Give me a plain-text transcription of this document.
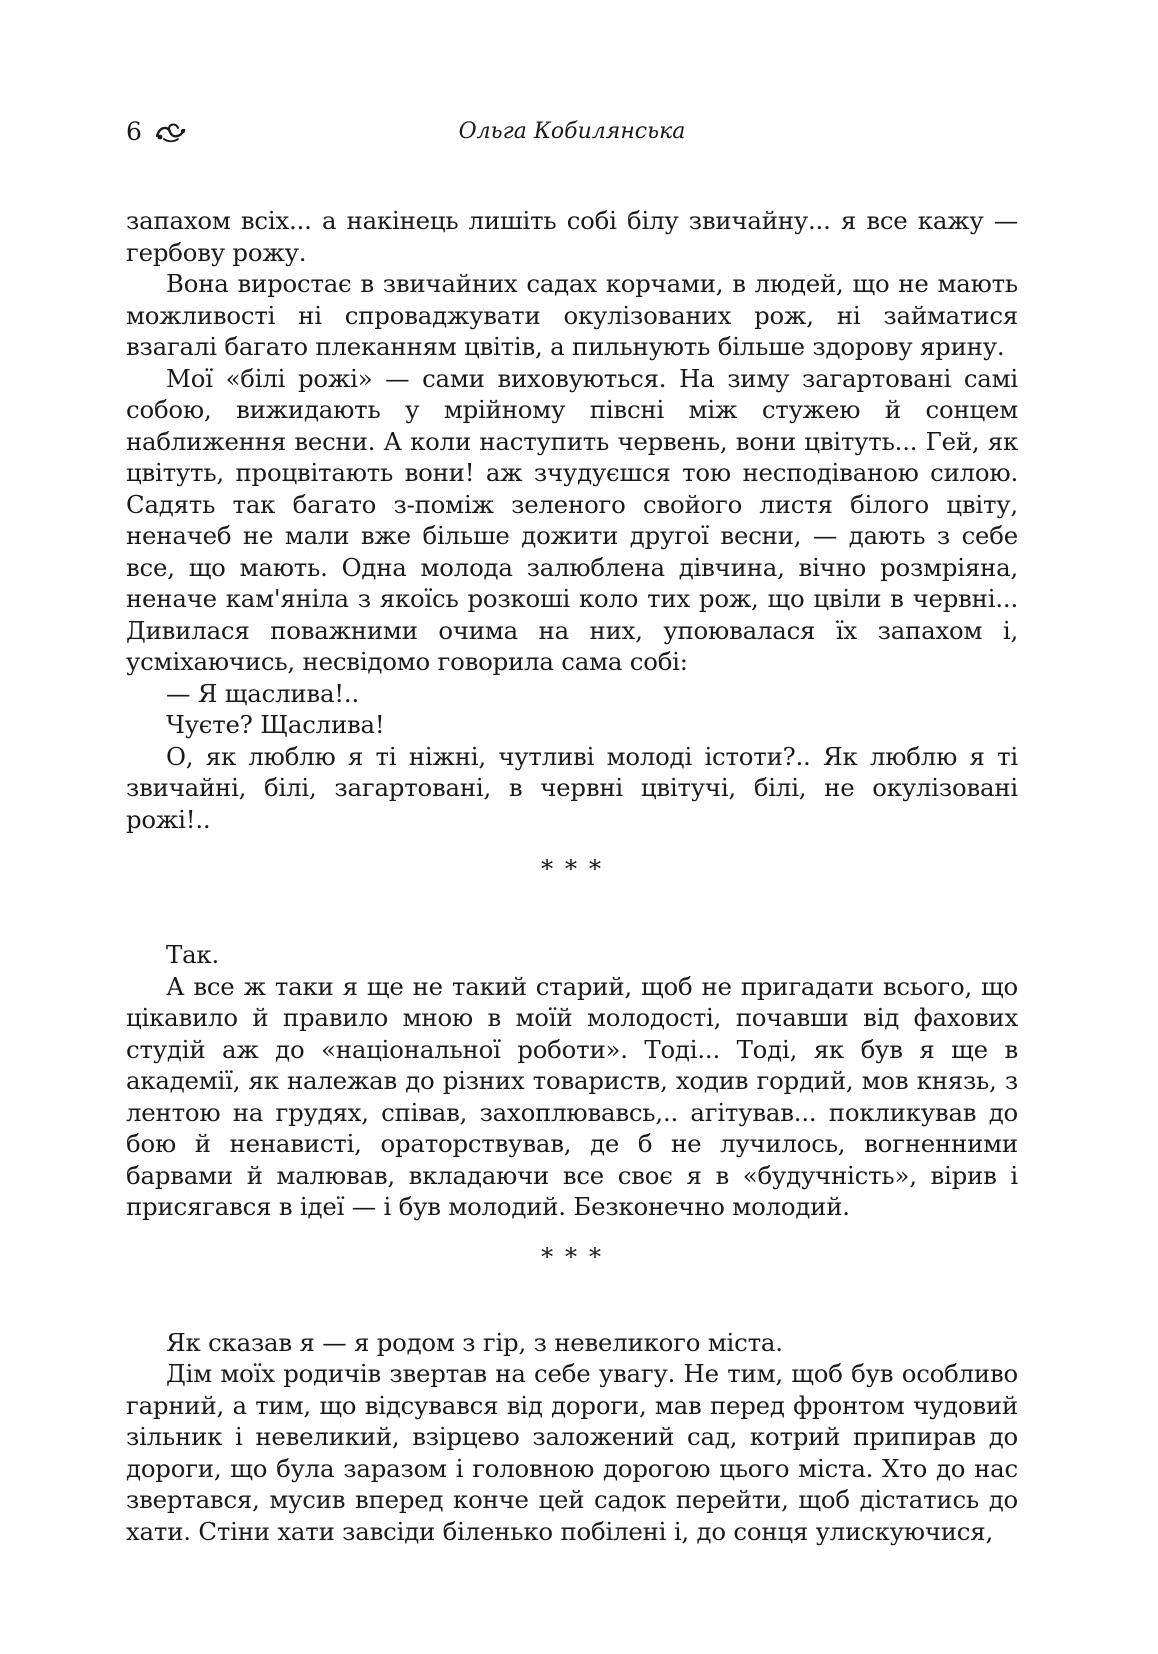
6	Ольга Кобилянська

запахом всіх... а накінець лишіть собі білу звичайну... я все кажу — гербову рожу.

Вона виростає в звичайних садах корчами, в людей, що не мають можливості ні спроваджувати окулізованих рож, ні займатися взагалі багато плеканням цвітів, а пильнують більше здорову ярину.

Мої «білі рожі» — сами виховуються. На зиму загартовані самі собою, вижидають у мрійному півсні між стужею й сонцем наближення весни. А коли наступить червень, вони цвітуть... Гей, як цвітуть, процвітають вони! аж зчудуєшся тою несподіваною силою. Садять так багато з-поміж зеленого свойого листя білого цвіту, неначеб не мали вже більше дожити другої весни, — дають з себе все, що мають. Одна молода залюблена дівчина, вічно розмріяна, неначе кам'яніла з якоїсь розкоші коло тих рож, що цвіли в червні... Дивилася поважними очима на них, упоювалася їх запахом і, усміхаючись, несвідомо говорила сама собі:

— Я щаслива!..

Чуєте? Щаслива!

О, як люблю я ті ніжні, чутливі молоді істоти?.. Як люблю я ті звичайні, білі, загартовані, в червні цвітучі, білі, не окулізовані рожі!..

* * *

Так.

А все ж таки я ще не такий старий, щоб не пригадати всього, що цікавило й правило мною в моїй молодості, почавши від фахових студій аж до «національної роботи». Тоді... Тоді, як був я ще в академії, як належав до різних товариств, ходив гордий, мов князь, з лентою на грудях, співав, захоплювавсь,.. агітував... покликував до бою й ненависті, ораторствував, де б не лучилось, вогненними барвами й малював, вкладаючи все своє я в «будучність», вірив і присягався в ідеї — і був молодий. Безконечно молодий.

* * *

Як сказав я — я родом з гір, з невеликого міста.

Дім моїх родичів звертав на себе увагу. Не тим, щоб був особливо гарний, а тим, що відсувався від дороги, мав перед фронтом чудовий зільник і невеликий, взірцево заложений сад, котрий припирав до дороги, що була заразом і головною дорогою цього міста. Хто до нас звертався, мусив вперед конче цей садок перейти, щоб дістатись до хати. Стіни хати завсіди біленько побілені і, до сонця улискуючися,
